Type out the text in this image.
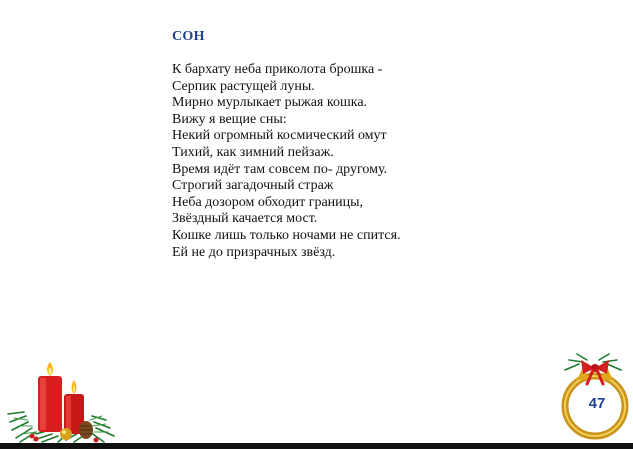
СОН
К бархату неба приколота брошка -
Серпик растущей луны.
Мирно мурлыкает рыжая кошка.
Вижу я вещие сны:
Некий огромный космический омут
Тихий, как зимний пейзаж.
Время идёт там совсем по- другому.
Строгий загадочный страж
Неба дозором обходит границы,
Звёздный качается мост.
Кошке лишь только ночами не спится.
Ей не до призрачных звёзд.
47
